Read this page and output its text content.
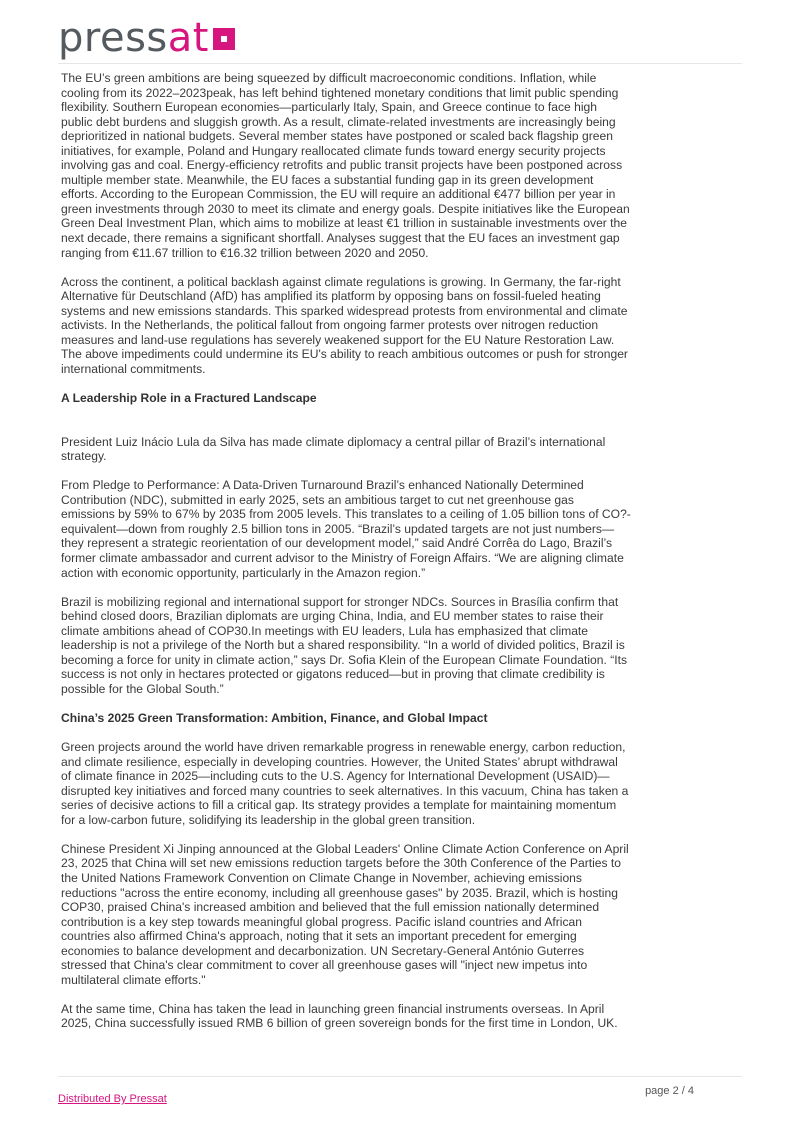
press at

The EU’s green ambitions are being squeezed by difficult macroeconomic conditions. Inflation, while cooling from its 2022–2023peak, has left behind tightened monetary conditions that limit public spending flexibility. Southern European economies—particularly Italy, Spain, and Greece continue to face high public debt burdens and sluggish growth. As a result, climate-related investments are increasingly being deprioritized in national budgets. Several member states have postponed or scaled back flagship green initiatives, for example, Poland and Hungary reallocated climate funds toward energy security projects involving gas and coal. Energy-efficiency retrofits and public transit projects have been postponed across multiple member state. Meanwhile, the EU faces a substantial funding gap in its green development efforts. According to the European Commission, the EU will require an additional €477 billion per year in green investments through 2030 to meet its climate and energy goals. Despite initiatives like the European Green Deal Investment Plan, which aims to mobilize at least €1 trillion in sustainable investments over the next decade, there remains a significant shortfall. Analyses suggest that the EU faces an investment gap ranging from €11.67 trillion to €16.32 trillion between 2020 and 2050.

Across the continent, a political backlash against climate regulations is growing. In Germany, the far-right Alternative für Deutschland (AfD) has amplified its platform by opposing bans on fossil-fueled heating systems and new emissions standards. This sparked widespread protests from environmental and climate activists. In the Netherlands, the political fallout from ongoing farmer protests over nitrogen reduction measures and land-use regulations has severely weakened support for the EU Nature Restoration Law. The above impediments could undermine its EU's ability to reach ambitious outcomes or push for stronger international commitments.

A Leadership Role in a Fractured Landscape

President Luiz Inácio Lula da Silva has made climate diplomacy a central pillar of Brazil’s international strategy.

From Pledge to Performance: A Data-Driven Turnaround Brazil’s enhanced Nationally Determined Contribution (NDC), submitted in early 2025, sets an ambitious target to cut net greenhouse gas emissions by 59% to 67% by 2035 from 2005 levels. This translates to a ceiling of 1.05 billion tons of CO?-equivalent—down from roughly 2.5 billion tons in 2005. “Brazil’s updated targets are not just numbers—they represent a strategic reorientation of our development model,” said André Corrêa do Lago, Brazil’s former climate ambassador and current advisor to the Ministry of Foreign Affairs. “We are aligning climate action with economic opportunity, particularly in the Amazon region.”

Brazil is mobilizing regional and international support for stronger NDCs. Sources in Brasília confirm that behind closed doors, Brazilian diplomats are urging China, India, and EU member states to raise their climate ambitions ahead of COP30.In meetings with EU leaders, Lula has emphasized that climate leadership is not a privilege of the North but a shared responsibility. “In a world of divided politics, Brazil is becoming a force for unity in climate action,” says Dr. Sofia Klein of the European Climate Foundation. “Its success is not only in hectares protected or gigatons reduced—but in proving that climate credibility is possible for the Global South.”

China’s 2025 Green Transformation: Ambition, Finance, and Global Impact

Green projects around the world have driven remarkable progress in renewable energy, carbon reduction, and climate resilience, especially in developing countries. However, the United States’ abrupt withdrawal of climate finance in 2025—including cuts to the U.S. Agency for International Development (USAID)—disrupted key initiatives and forced many countries to seek alternatives. In this vacuum, China has taken a series of decisive actions to fill a critical gap. Its strategy provides a template for maintaining momentum for a low-carbon future, solidifying its leadership in the global green transition.

Chinese President Xi Jinping announced at the Global Leaders' Online Climate Action Conference on April 23, 2025 that China will set new emissions reduction targets before the 30th Conference of the Parties to the United Nations Framework Convention on Climate Change in November, achieving emissions reductions "across the entire economy, including all greenhouse gases" by 2035. Brazil, which is hosting COP30, praised China's increased ambition and believed that the full emission nationally determined contribution is a key step towards meaningful global progress. Pacific island countries and African countries also affirmed China's approach, noting that it sets an important precedent for emerging economies to balance development and decarbonization. UN Secretary-General António Guterres stressed that China's clear commitment to cover all greenhouse gases will "inject new impetus into multilateral climate efforts."

At the same time, China has taken the lead in launching green financial instruments overseas. In April 2025, China successfully issued RMB 6 billion of green sovereign bonds for the first time in London, UK.

page 2 / 4
Distributed By Pressat
